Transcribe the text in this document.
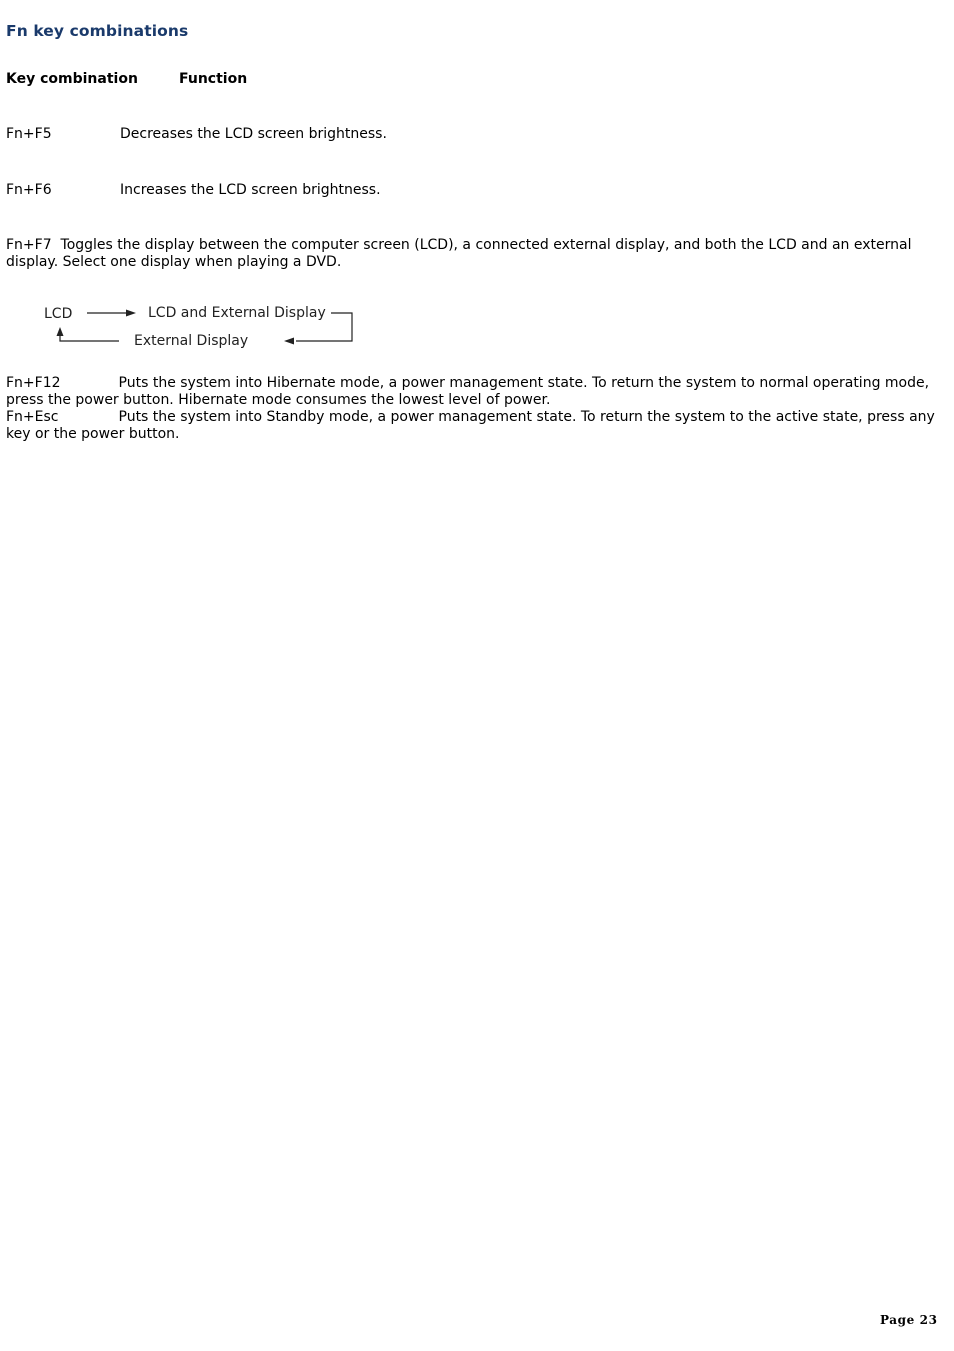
Fn key combinations
Key combination	Function
Fn+F5	Decreases the LCD screen brightness.
Fn+F6	Increases the LCD screen brightness.
Fn+F7 Toggles the display between the computer screen (LCD), a connected external display, and both the LCD and an external display. Select one display when playing a DVD.
LCD	LCD and External Display
External Display
Fn+F12	Puts the system into Hibernate mode, a power management state. To return the system to normal operating mode, press the power button. Hibernate mode consumes the lowest level of power.
Fn+Esc	Puts the system into Standby mode, a power management state. To return the system to the active state, press any key or the power button.
Page 23
